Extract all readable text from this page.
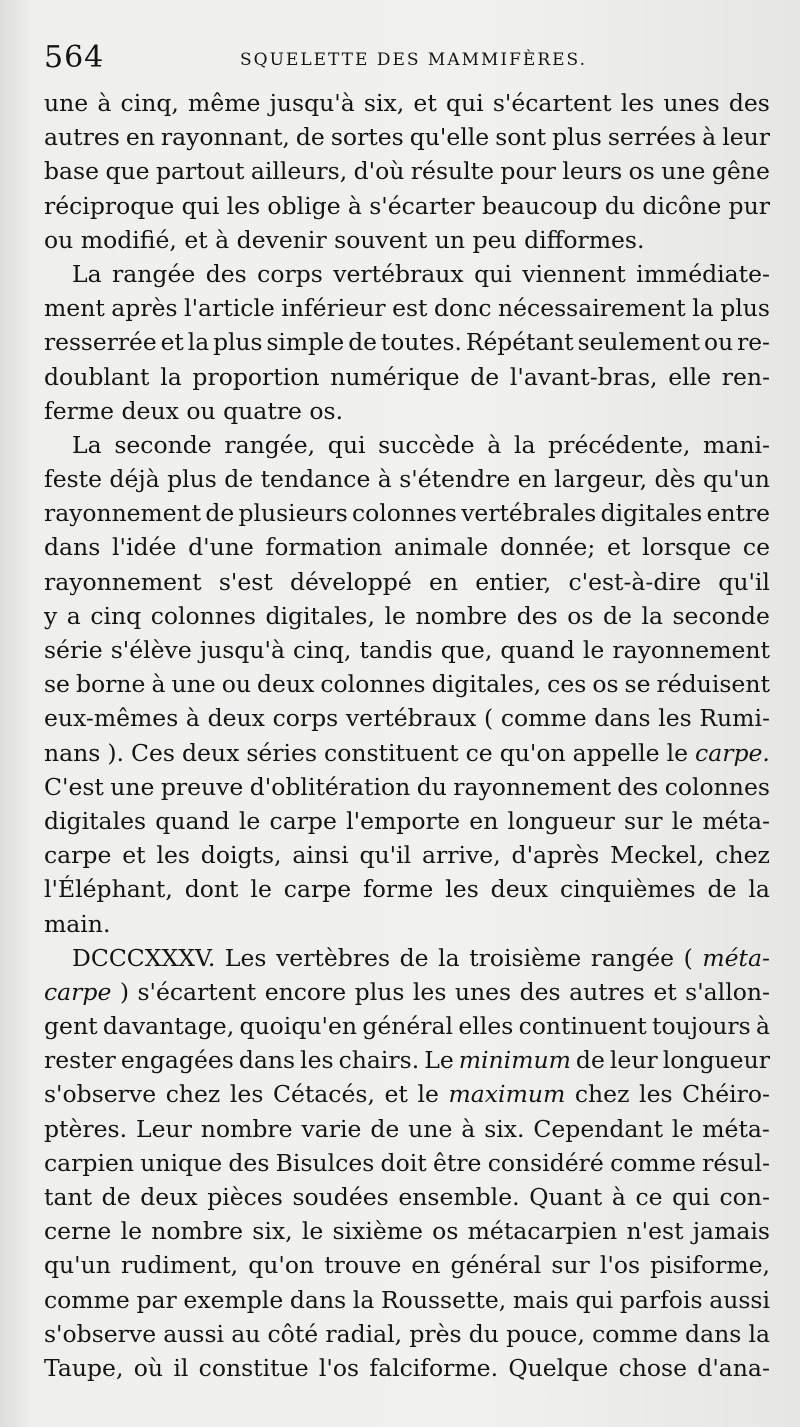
564	SQUELETTE DES MAMMIFÈRES.
une à cinq, même jusqu'à six, et qui s'écartent les unes des
autres en rayonnant, de sortes qu'elle sont plus serrées à leur
base que partout ailleurs, d'où résulte pour leurs os une gêne
réciproque qui les oblige à s'écarter beaucoup du dicône pur
ou
modifié,
et
à
devenir
souvent
un
peu
difformes.
La rangée des corps vertébraux qui viennent immédiate-
ment après l'article inférieur est donc nécessairement la plus
resserrée et la plus simple de toutes. Répétant seulement ou re-
doublant la proportion numérique de l'avant-bras, elle ren-
ferme
deux
ou
quatre
os.
La seconde rangée, qui succède à la précédente, mani-
feste déjà plus de tendance à s'étendre en largeur, dès qu'un
rayonnement de plusieurs colonnes vertébrales digitales entre
dans l'idée d'une formation animale donnée; et lorsque ce
rayonnement s'est développé en entier, c'est-à-dire qu'il
y a cinq colonnes digitales, le nombre des os de la seconde
série s'élève jusqu'à cinq, tandis que, quand le rayonnement
se borne à une ou deux colonnes digitales, ces os se réduisent
eux-mêmes à deux corps vertébraux ( comme dans les Rumi-
nans ). Ces deux séries constituent ce qu'on appelle le carpe.
C'est une preuve d'oblitération du rayonnement des colonnes
digitales quand le carpe l'emporte en longueur sur le méta-
carpe et les doigts, ainsi qu'il arrive, d'après Meckel, chez
l'Éléphant, dont le carpe forme les deux cinquièmes de la
main.
DCCCXXXV. Les vertèbres de la troisième rangée ( méta-
carpe ) s'écartent encore plus les unes des autres et s'allon-
gent davantage, quoiqu'en général elles continuent toujours à
rester engagées dans les chairs. Le minimum de leur longueur
s'observe chez les Cétacés, et le maximum chez les Chéiro-
ptères. Leur nombre varie de une à six. Cependant le méta-
carpien unique des Bisulces doit être considéré comme résul-
tant de deux pièces soudées ensemble. Quant à ce qui con-
cerne le nombre six, le sixième os métacarpien n'est jamais
qu'un rudiment, qu'on trouve en général sur l'os pisiforme,
comme par exemple dans la Roussette, mais qui parfois aussi
s'observe aussi au côté radial, près du pouce, comme dans la
Taupe, où il constitue l'os falciforme. Quelque chose d'ana-
